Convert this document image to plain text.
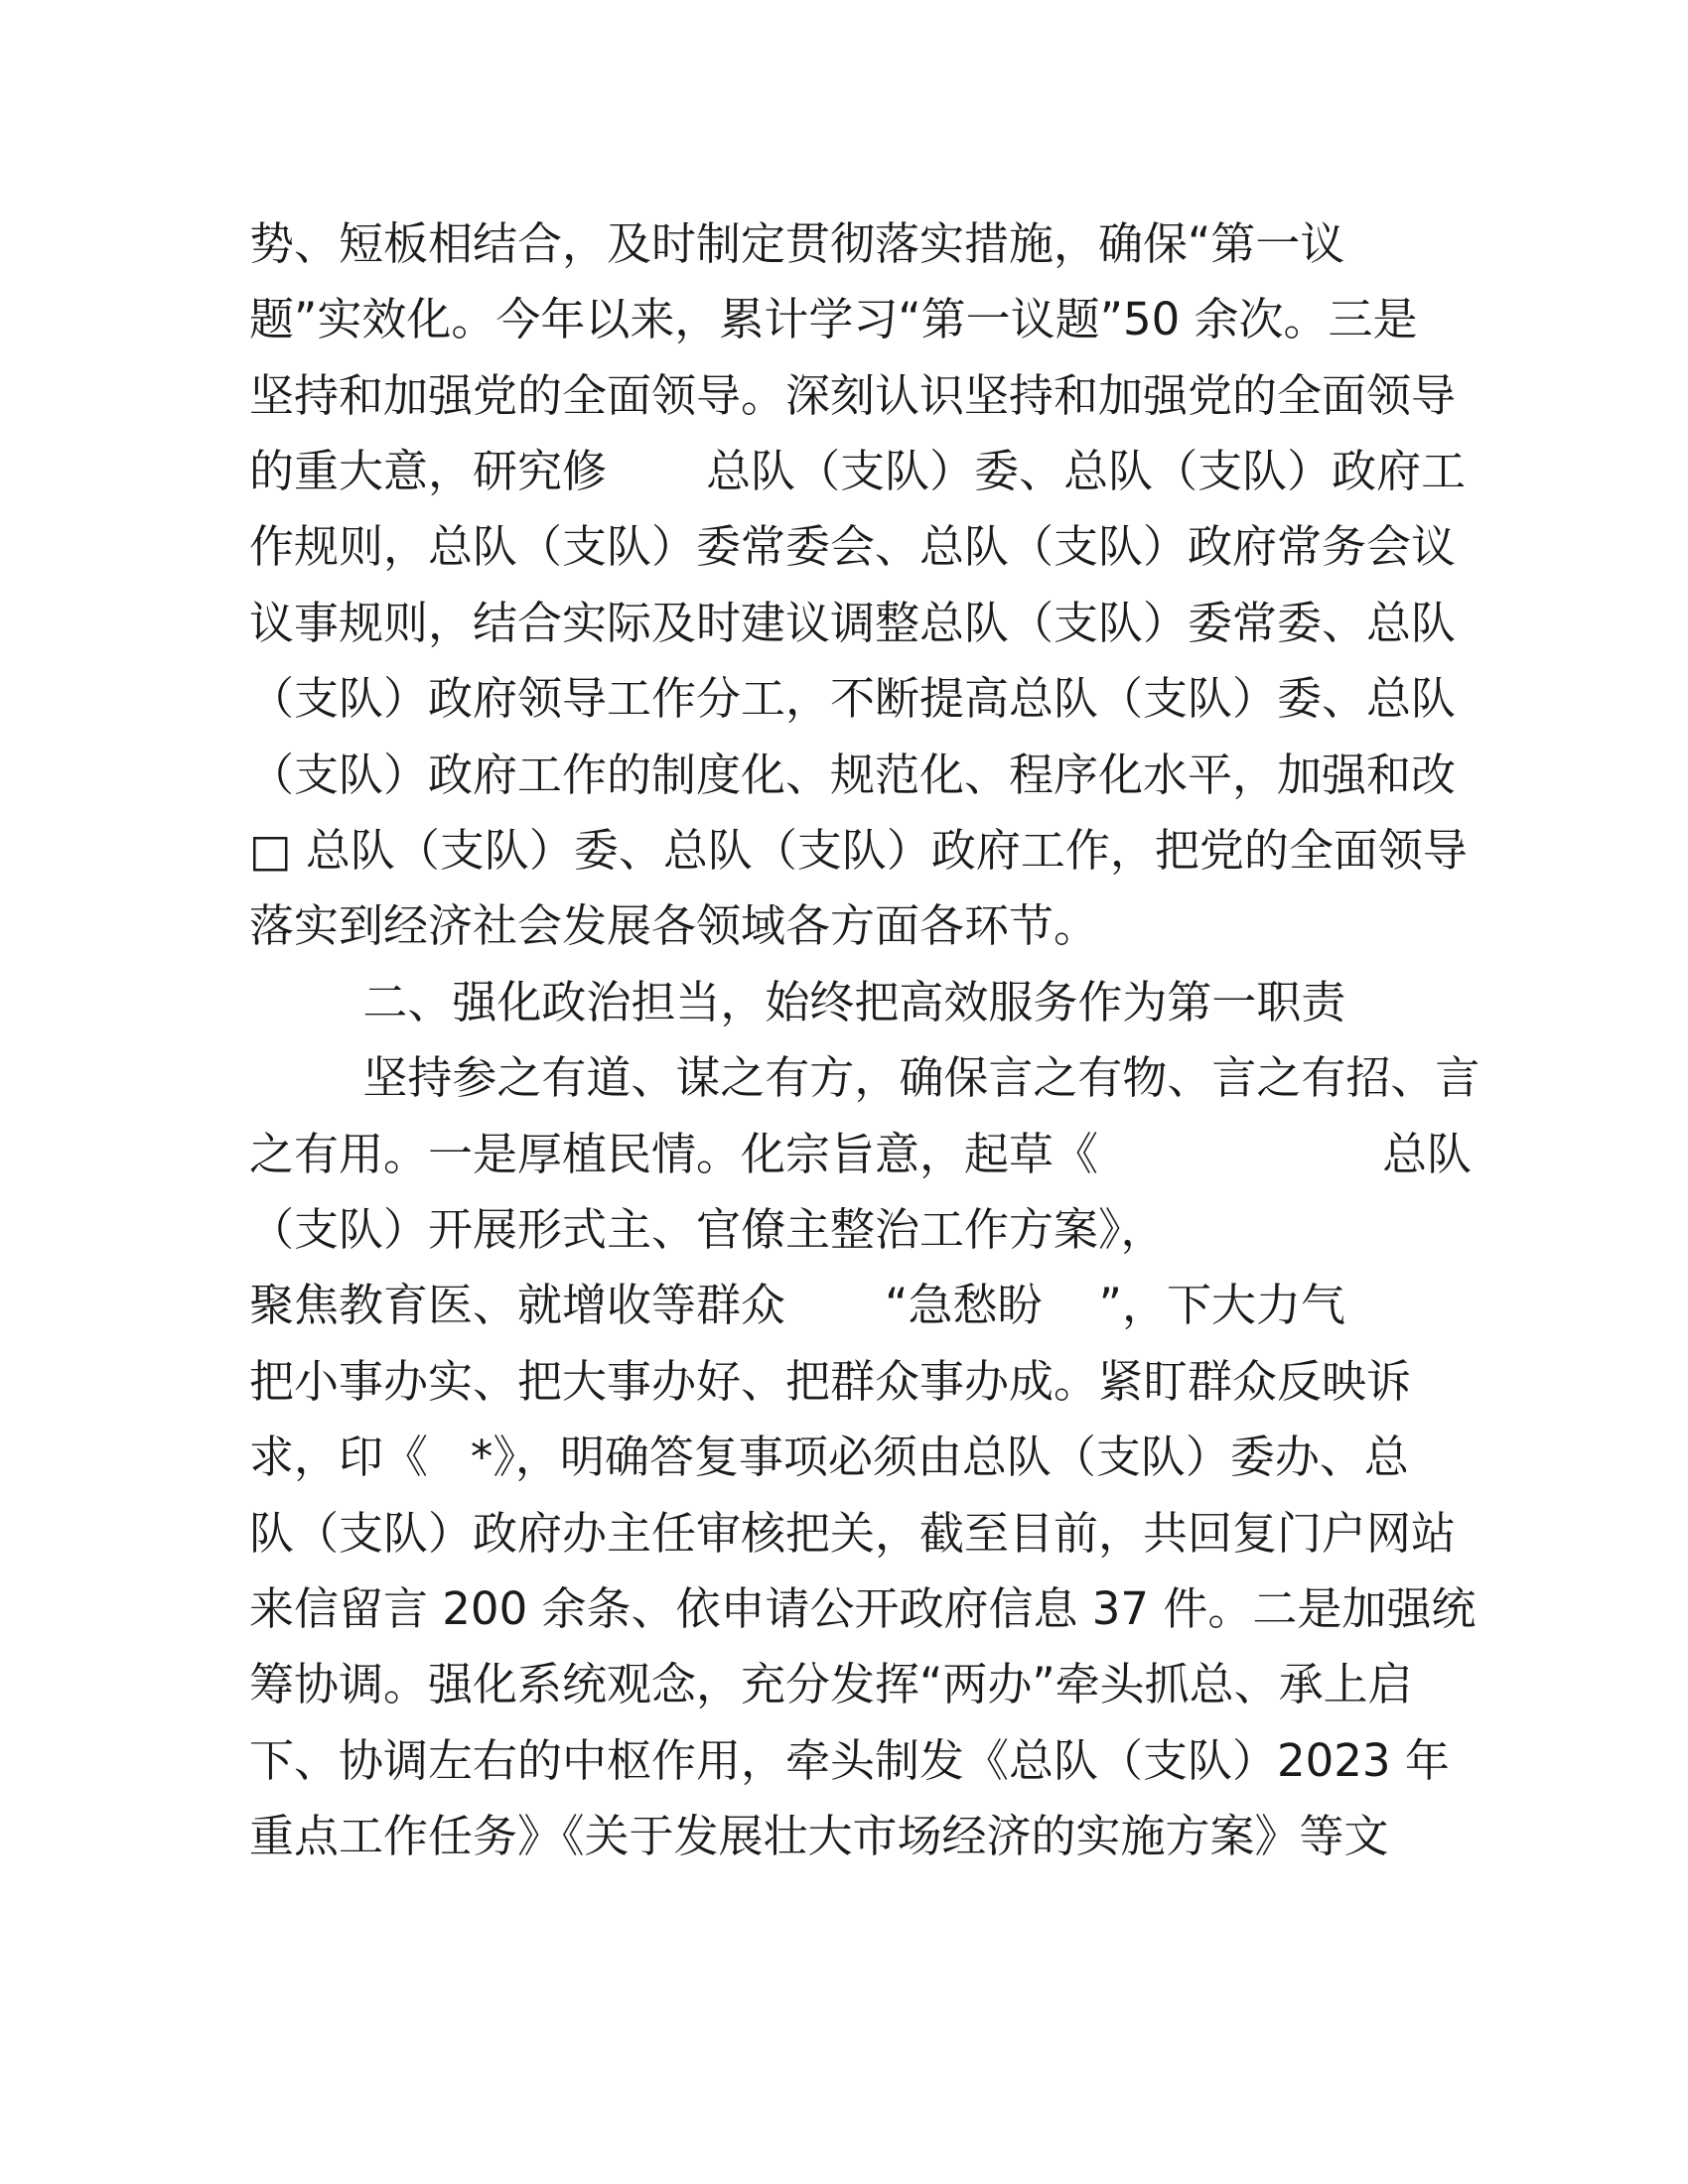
势、短板相结合，及时制定贯彻落实措施，确保“第一议
题”实效化。今年以来，累计学习“第一议题”50 余次。三是
坚持和加强党的全面领导。深刻认识坚持和加强党的全面领导
的重大意，研究修       总队（支队）委、总队（支队）政府工
作规则，总队（支队）委常委会、总队（支队）政府常务会议
议事规则，结合实际及时建议调整总队（支队）委常委、总队
（支队）政府领导工作分工，不断提高总队（支队）委、总队
（支队）政府工作的制度化、规范化、程序化水平，加强和改
□ 总队（支队）委、总队（支队）政府工作，把党的全面领导
落实到经济社会发展各领域各方面各环节。
二、强化政治担当，始终把高效服务作为第一职责
坚持参之有道、谋之有方，确保言之有物、言之有招、言
之有用。一是厚植民情。化宗旨意，起草《                    总队
（支队）开展形式主、官僚主整治工作方案》，
聚焦教育医、就增收等群众       “急愁盼    ”，下大力气
把小事办实、把大事办好、把群众事办成。紧盯群众反映诉
求，印《   *》，明确答复事项必须由总队（支队）委办、总
队（支队）政府办主任审核把关，截至目前，共回复门户网站
来信留言 200 余条、依申请公开政府信息 37 件。二是加强统
筹协调。强化系统观念，充分发挥“两办”牵头抓总、承上启
下、协调左右的中枢作用，牵头制发《总队（支队）2023 年
重点工作任务》《关于发展壮大市场经济的实施方案》等文
